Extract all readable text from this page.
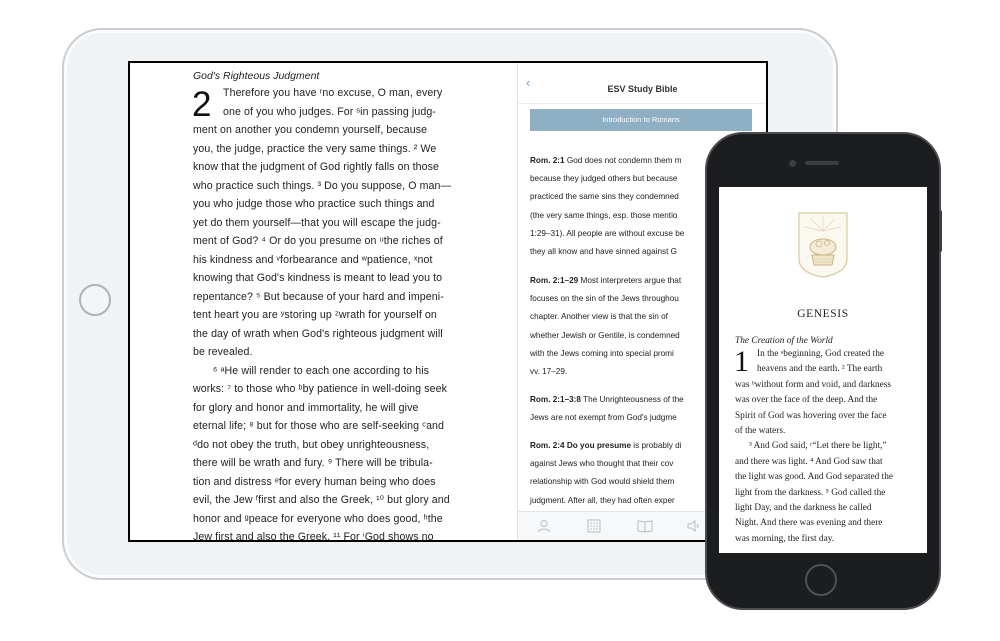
God's Righteous Judgment
2 Therefore you have ʳno excuse, O man, every
one of you who judges. For ˢin passing judg-
ment on another you condemn yourself, because
you, the judge, practice the very same things. ² We
know that the judgment of God rightly falls on those
who practice such things. ³ Do you suppose, O man—
you who judge those who practice such things and
yet do them yourself—that you will escape the judg-
ment of God? ⁴ Or do you presume on ᵘthe riches of
his kindness and ᵛforbearance and ʷpatience, ˣnot
knowing that God's kindness is meant to lead you to
repentance? ⁵ But because of your hard and impeni-
tent heart you are ʸstoring up ᶻwrath for yourself on
the day of wrath when God's righteous judgment will
be revealed.
⁶ ᵃHe will render to each one according to his
works: ⁷ to those who ᵇby patience in well-doing seek
for glory and honor and immortality, he will give
eternal life; ⁸ but for those who are self-seeking ᶜand
ᵈdo not obey the truth, but obey unrighteousness,
there will be wrath and fury. ⁹ There will be tribula-
tion and distress ᵉfor every human being who does
evil, the Jew ᶠfirst and also the Greek, ¹⁰ but glory and
honor and ᵍpeace for everyone who does good, ʰthe
Jew first and also the Greek. ¹¹ For ⁱGod shows no
‹	ESV Study Bible
Introduction to Romans
Rom. 2:1 God does not condemn them m
because they judged others but because
practiced the same sins they condemned
(the very same things, esp. those mentio
1:29–31). All people are without excuse be
they all know and have sinned against G
Rom. 2:1–29 Most interpreters argue that
focuses on the sin of the Jews throughou
chapter. Another view is that the sin of
whether Jewish or Gentile, is condemned
with the Jews coming into special promi
vv. 17–29.
Rom. 2:1–3:8 The Unrighteousness of the
Jews are not exempt from God's judgme
Rom. 2:4 Do you presume is probably di
against Jews who thought that their cov
relationship with God would shield them
judgment. After all, they had often exper
GENESIS
The Creation of the World
1 In the ᵃbeginning, God created the
heavens and the earth. ² The earth
was ᵇwithout form and void, and darkness
was over the face of the deep. And the
Spirit of God was hovering over the face
of the waters.
³ And God said, ᶜ“Let there be light,”
and there was light. ⁴ And God saw that
the light was good. And God separated the
light from the darkness. ⁵ God called the
light Day, and the darkness he called
Night. And there was evening and there
was morning, the first day.
